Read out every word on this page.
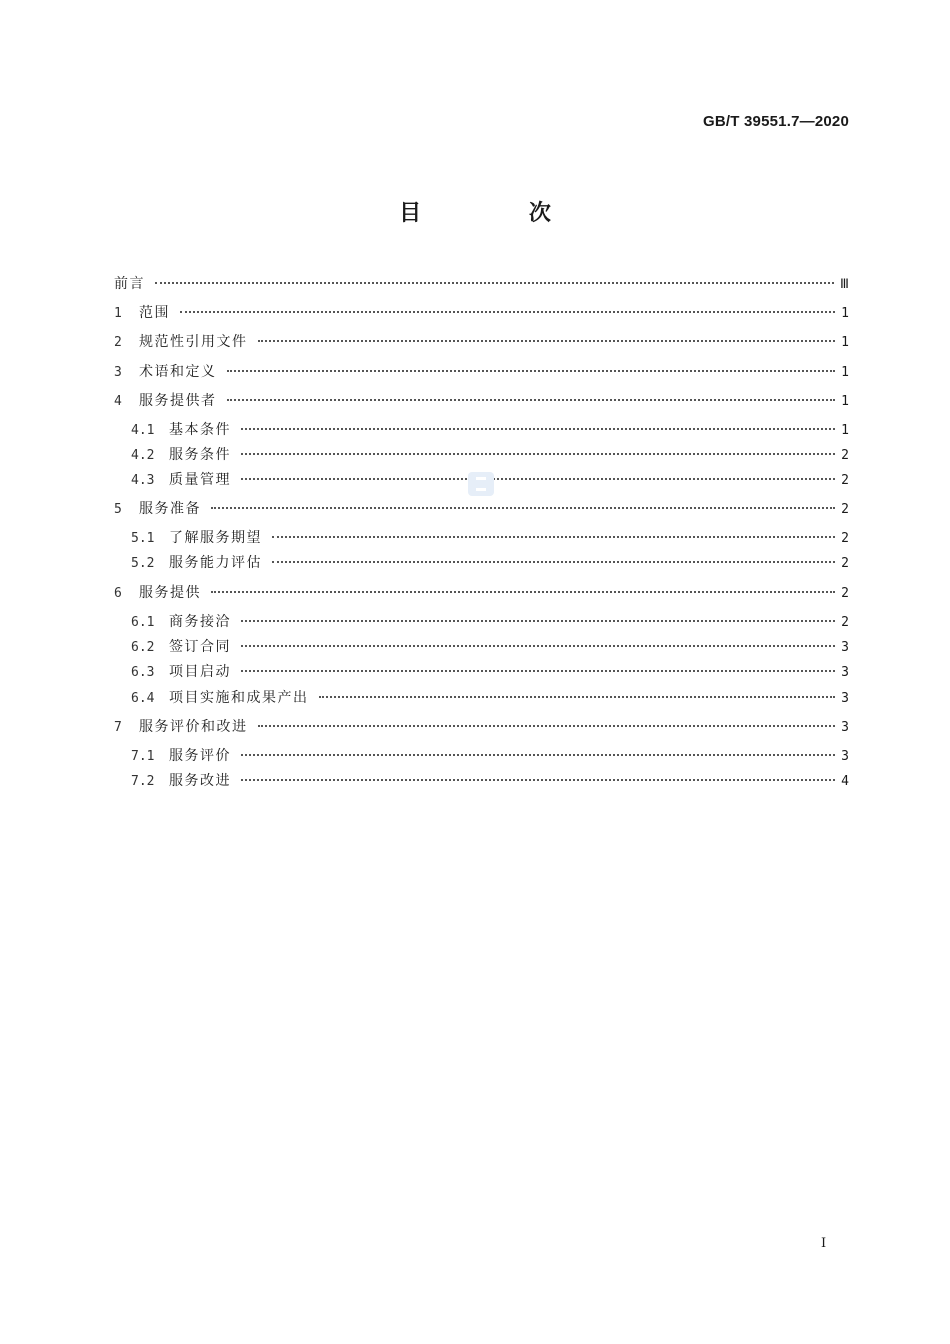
GB/T 39551.7—2020
目 次
前言	Ⅲ
1	范围	1
2	规范性引用文件	1
3	术语和定义	1
4	服务提供者	1
4.1	基本条件	1
4.2	服务条件	2
4.3	质量管理	2
5	服务准备	2
5.1	了解服务期望	2
5.2	服务能力评估	2
6	服务提供	2
6.1	商务接洽	2
6.2	签订合同	3
6.3	项目启动	3
6.4	项目实施和成果产出	3
7	服务评价和改进	3
7.1	服务评价	3
7.2	服务改进	4
Ⅰ
